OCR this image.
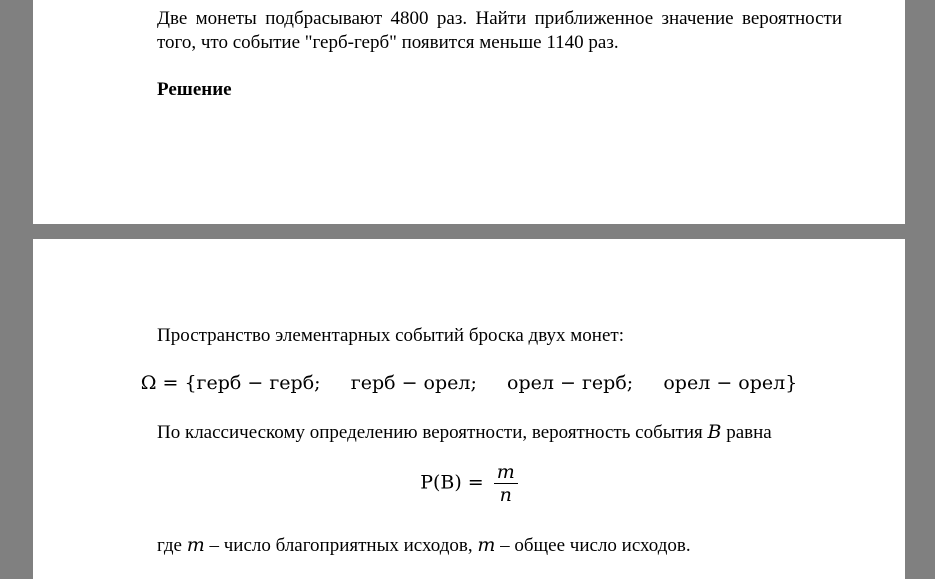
Две монеты подбрасывают 4800 раз. Найти приближенное значение вероятности того, что событие "герб-герб" появится меньше 1140 раз.
Решение
Пространство элементарных событий броска двух монет:
Ω = {герб − герб;     герб − орел;     орел − герб;     орел − орел}
По классическому определению вероятности, вероятность события B равна
$P(B) = \frac{m}{n}$
где m – число благоприятных исходов, m – общее число исходов.
